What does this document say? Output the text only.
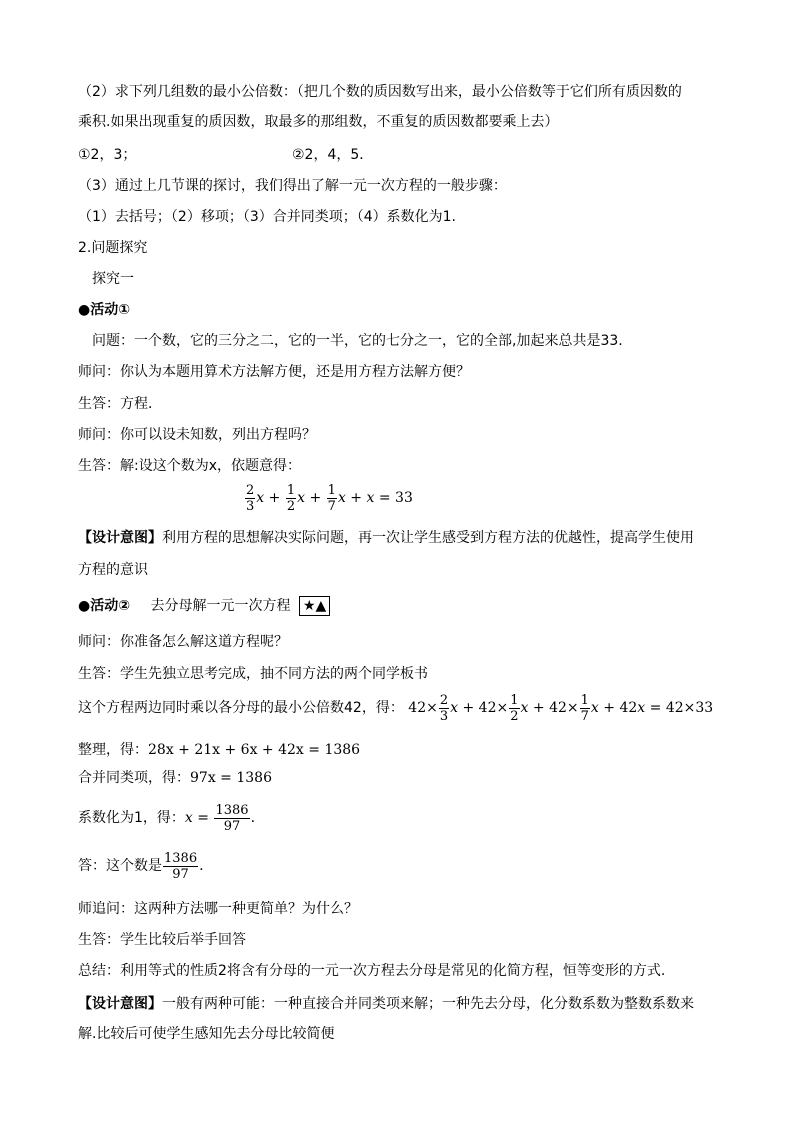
（2）求下列几组数的最小公倍数：（把几个数的质因数写出来，最小公倍数等于它们所有质因数的
乘积.如果出现重复的质因数，取最多的那组数，不重复的质因数都要乘上去）
①2，3；	②2，4，5．
（3）通过上几节课的探讨，我们得出了解一元一次方程的一般步骤：
（1）去括号；（2）移项；（3）合并同类项；（4）系数化为1.
2.问题探究
探究一
●活动①
问题：一个数，它的三分之二，它的一半，它的七分之一，它的全部,加起来总共是33.
师问：你认为本题用算术方法解方便，还是用方程方法解方便？
生答：方程．
师问：你可以设未知数，列出方程吗？
生答：解:设这个数为x，依题意得：
$\frac{2}{3}$ $x + \frac{1}{2}$ $x + \frac{1}{7}$ x + x = 33
【设计意图】利用方程的思想解决实际问题，再一次让学生感受到方程方法的优越性，提高学生使用
方程的意识
●活动② 去分母解一元一次方程 ★▲
师问：你准备怎么解这道方程呢？
生答：学生先独立思考完成，抽不同方法的两个同学板书
这个方程两边同时乘以各分母的最小公倍数42，得： $42\times \frac{2}{3}$ $x + 42\times \frac{1}{2}$ $x + 42\times \frac{1}{7}$ x + 42x = 42×33
整理，得：28x + 21x + 6x + 42x = 1386
合并同类项，得：97x = 1386
系数化为1，得：$x = \frac{1386}{97}$ .
答：这个数是 $\frac{1386}{97}$ .
师追问：这两种方法哪一种更简单？为什么？
生答：学生比较后举手回答
总结：利用等式的性质2将含有分母的一元一次方程去分母是常见的化简方程，恒等变形的方式.
【设计意图】一般有两种可能：一种直接合并同类项来解；一种先去分母，化分数系数为整数系数来
解.比较后可使学生感知先去分母比较简便
